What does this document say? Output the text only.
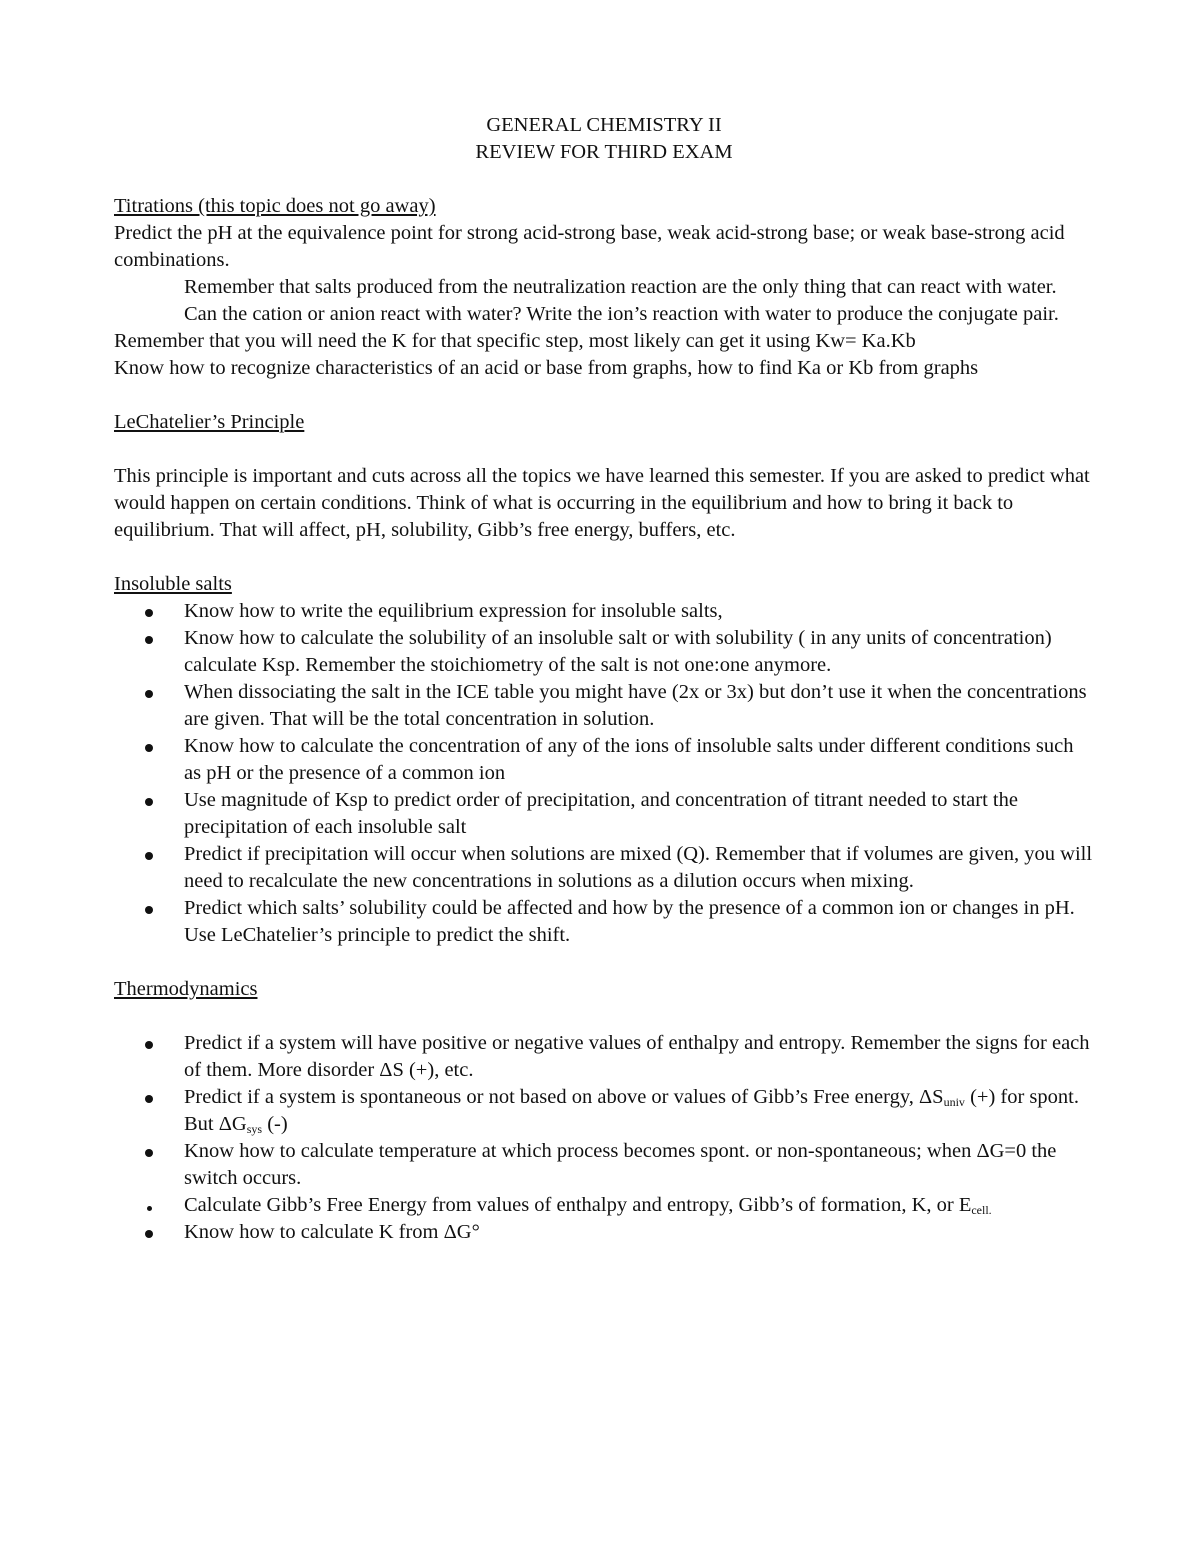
GENERAL CHEMISTRY II
REVIEW FOR THIRD EXAM
Titrations (this topic does not go away)

Predict the pH at the equivalence point for strong acid-strong base, weak acid-strong base; or weak base-strong acid combinations.

Remember that salts produced from the neutralization reaction are the only thing that can react with water.

Can the cation or anion react with water? Write the ion’s reaction with water to produce the conjugate pair. Remember that you will need the K for that specific step, most likely can get it using Kw= Ka.Kb

Know how to recognize characteristics of an acid or base from graphs, how to find Ka or Kb from graphs

LeChatelier’s Principle

This principle is important and cuts across all the topics we have learned this semester. If you are asked to predict what would happen on certain conditions. Think of what is occurring in the equilibrium and how to bring it back to equilibrium. That will affect, pH, solubility, Gibb’s free energy, buffers, etc.

Insoluble salts
Know how to write the equilibrium expression for insoluble salts,
Know how to calculate the solubility of an insoluble salt or with solubility ( in any units of concentration) calculate Ksp. Remember the stoichiometry of the salt is not one:one anymore.
When dissociating the salt in the ICE table you might have (2x or 3x) but don’t use it when the concentrations are given. That will be the total concentration in solution.
Know how to calculate the concentration of any of the ions of insoluble salts under different conditions such as pH or the presence of a common ion
Use magnitude of Ksp to predict order of precipitation, and concentration of titrant needed to start the precipitation of each insoluble salt
Predict if precipitation will occur when solutions are mixed (Q). Remember that if volumes are given, you will need to recalculate the new concentrations in solutions as a dilution occurs when mixing.
Predict which salts’ solubility could be affected and how by the presence of a common ion or changes in pH. Use LeChatelier’s principle to predict the shift.
Thermodynamics
Predict if a system will have positive or negative values of enthalpy and entropy. Remember the signs for each of them. More disorder ΔS (+), etc.
Predict if a system is spontaneous or not based on above or values of Gibb’s Free energy, $\Delta S_{univ}$ (+) for spont. But $\Delta G_{sys}$ (-)
Know how to calculate temperature at which process becomes spont. or non-spontaneous; when ΔG=0 the switch occurs.
Calculate Gibb’s Free Energy from values of enthalpy and entropy, Gibb’s of formation, K, or $E_{cell.}$
Know how to calculate K from ΔG°
